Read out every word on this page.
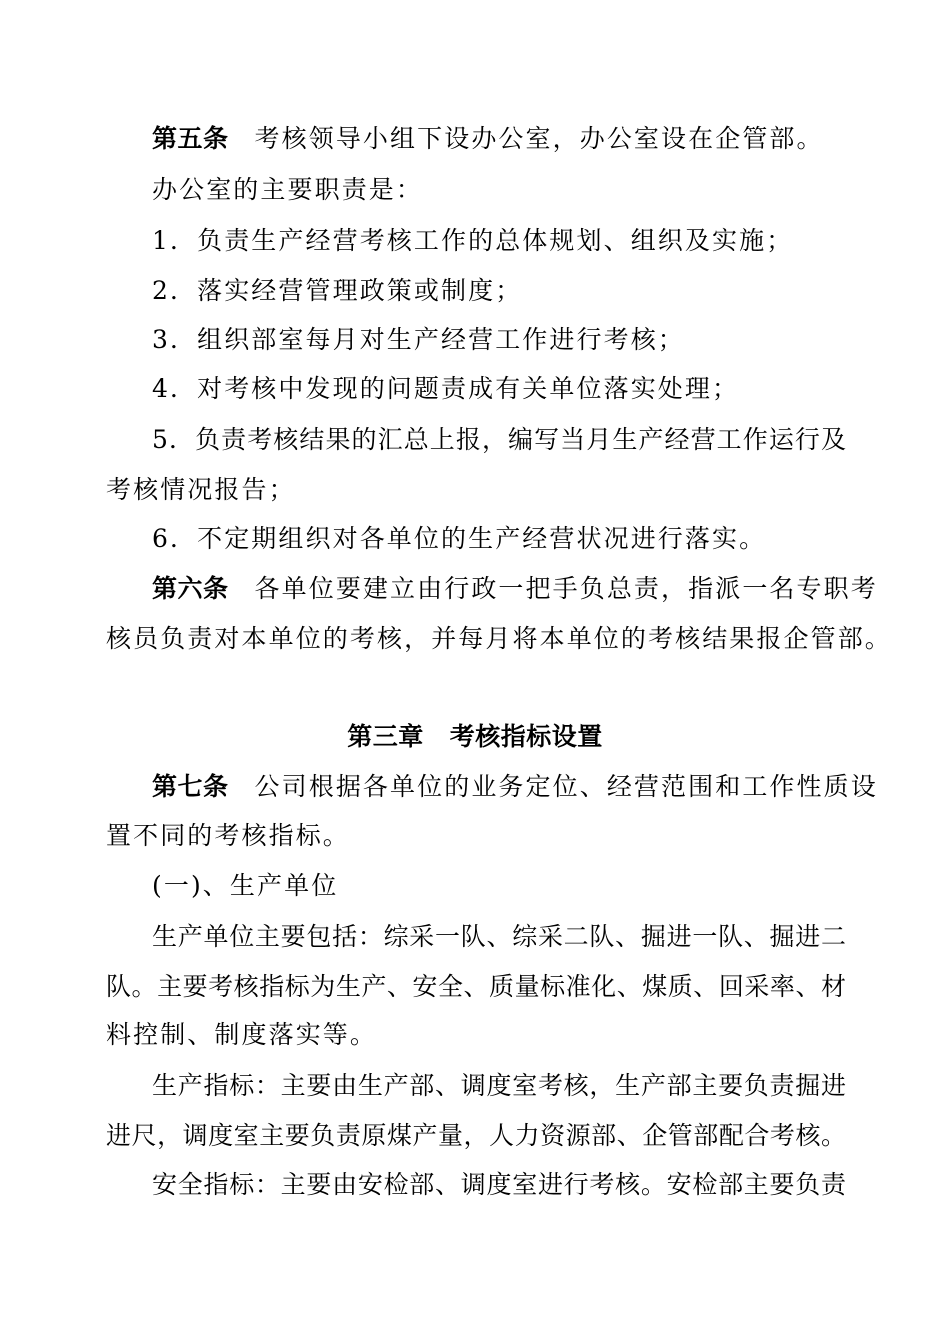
第五条 考核领导小组下设办公室，办公室设在企管部。
办公室的主要职责是：
1．负责生产经营考核工作的总体规划、组织及实施；
2．落实经营管理政策或制度；
3．组织部室每月对生产经营工作进行考核；
4．对考核中发现的问题责成有关单位落实处理；
5．负责考核结果的汇总上报，编写当月生产经营工作运行及
考核情况报告；
6．不定期组织对各单位的生产经营状况进行落实。
第六条 各单位要建立由行政一把手负总责，指派一名专职考
核员负责对本单位的考核，并每月将本单位的考核结果报企管部。
第三章 考核指标设置
第七条 公司根据各单位的业务定位、经营范围和工作性质设
置不同的考核指标。
(一)、生产单位
生产单位主要包括：综采一队、综采二队、掘进一队、掘进二
队。主要考核指标为生产、安全、质量标准化、煤质、回采率、材
料控制、制度落实等。
生产指标：主要由生产部、调度室考核，生产部主要负责掘进
进尺，调度室主要负责原煤产量，人力资源部、企管部配合考核。
安全指标：主要由安检部、调度室进行考核。安检部主要负责
